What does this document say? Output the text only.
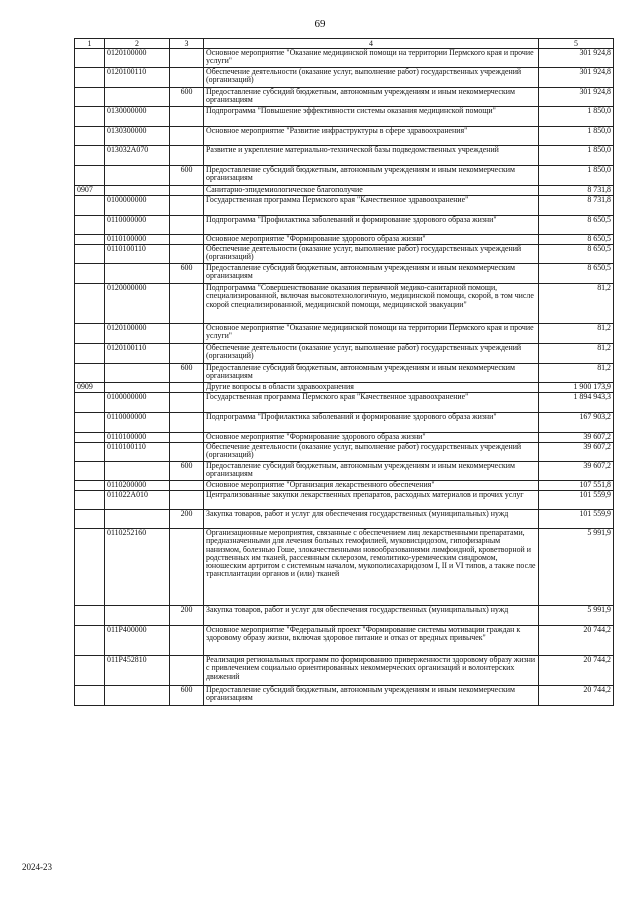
69
1	2	3	4	5
	0120100000		Основное мероприятие "Оказание медицинской помощи на территории Пермского края и прочие услуги"	301 924,8
	0120100110		Обеспечение деятельности (оказание услуг, выполнение работ) государственных учреждений (организаций)	301 924,8
		600	Предоставление субсидий бюджетным, автономным учреждениям и иным некоммерческим организациям	301 924,8
	0130000000		Подпрограмма "Повышение эффективности системы оказания медицинской помощи"	1 850,0
	0130300000		Основное мероприятие "Развитие инфраструктуры в сфере здравоохранения"	1 850,0
	013032А070		Развитие и укрепление материально-технической базы подведомственных учреждений	1 850,0
		600	Предоставление субсидий бюджетным, автономным учреждениям и иным некоммерческим организациям	1 850,0
0907			Санитарно-эпидемиологическое благополучие	8 731,8
	0100000000		Государственная программа Пермского края "Качественное здравоохранение"	8 731,8
	0110000000		Подпрограмма "Профилактика заболеваний и формирование здорового образа жизни"	8 650,5
	0110100000		Основное мероприятие "Формирование здорового образа жизни"	8 650,5
	0110100110		Обеспечение деятельности (оказание услуг, выполнение работ) государственных учреждений (организаций)	8 650,5
		600	Предоставление субсидий бюджетным, автономным учреждениям и иным некоммерческим организациям	8 650,5
	0120000000		Подпрограмма "Совершенствование оказания первичной медико-санитарной помощи, специализированной, включая высокотехнологичную, медицинской помощи, скорой, в том числе скорой специализированной, медицинской помощи, медицинской эвакуации"	81,2
	0120100000		Основное мероприятие "Оказание медицинской помощи на территории Пермского края и прочие услуги"	81,2
	0120100110		Обеспечение деятельности (оказание услуг, выполнение работ) государственных учреждений (организаций)	81,2
		600	Предоставление субсидий бюджетным, автономным учреждениям и иным некоммерческим организациям	81,2
0909			Другие вопросы в области здравоохранения	1 900 173,9
	0100000000		Государственная программа Пермского края "Качественное здравоохранение"	1 894 943,3
	0110000000		Подпрограмма "Профилактика заболеваний и формирование здорового образа жизни"	167 903,2
	0110100000		Основное мероприятие "Формирование здорового образа жизни"	39 607,2
	0110100110		Обеспечение деятельности (оказание услуг, выполнение работ) государственных учреждений (организаций)	39 607,2
		600	Предоставление субсидий бюджетным, автономным учреждениям и иным некоммерческим организациям	39 607,2
	0110200000		Основное мероприятие "Организация лекарственного обеспечения"	107 551,8
	011022А010		Централизованные закупки лекарственных препаратов, расходных материалов и прочих услуг	101 559,9
		200	Закупка товаров, работ и услуг для обеспечения государственных (муниципальных) нужд	101 559,9
	0110252160		Организационные мероприятия, связанные с обеспечением лиц лекарственными препаратами, предназначенными для лечения больных гемофилией, муковисцидозом, гипофизарным нанизмом, болезнью Гоше, злокачественными новообразованиями лимфоидной, кроветворной и родственных им тканей, рассеянным склерозом, гемолитико-уремическим синдромом, юношеским артритом с системным началом, мукополисахаридозом I, II и VI типов, а также после трансплантации органов и (или) тканей	5 991,9
		200	Закупка товаров, работ и услуг для обеспечения государственных (муниципальных) нужд	5 991,9
	011Р400000		Основное мероприятие "Федеральный проект "Формирование системы мотивации граждан к здоровому образу жизни, включая здоровое питание и отказ от вредных привычек"	20 744,2
	011Р452810		Реализация региональных программ по формированию приверженности здоровому образу жизни с привлечением социально ориентированных некоммерческих организаций и волонтерских движений	20 744,2
		600	Предоставление субсидий бюджетным, автономным учреждениям и иным некоммерческим организациям	20 744,2
2024-23
